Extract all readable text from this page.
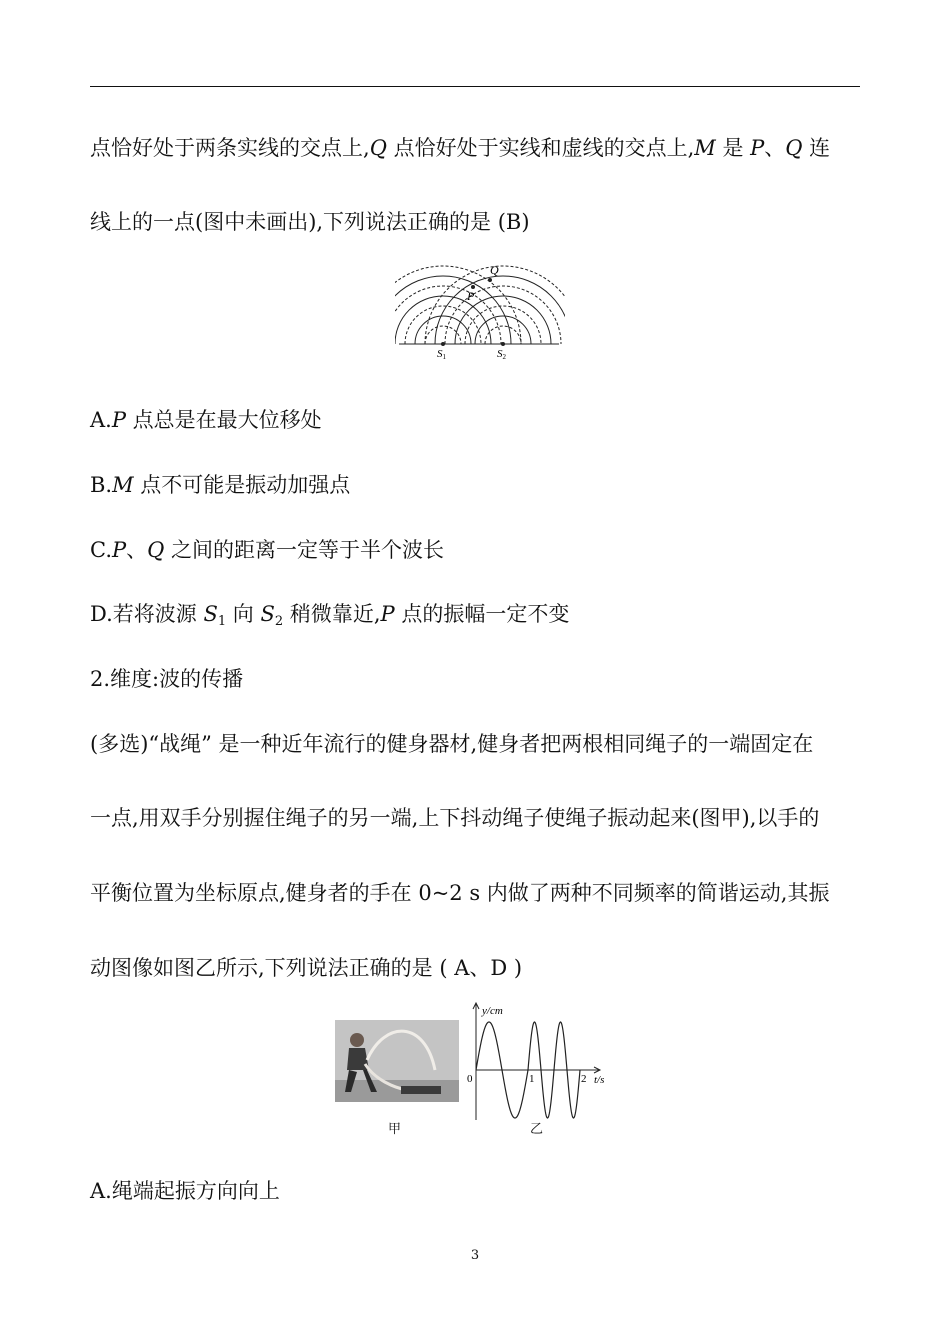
点恰好处于两条实线的交点上,Q 点恰好处于实线和虚线的交点上,M 是 P、Q 连
线上的一点(图中未画出),下列说法正确的是 (B)
Q
P
S1	S2
A.P 点总是在最大位移处
B.M 点不可能是振动加强点
C.P、Q 之间的距离一定等于半个波长
D.若将波源 $S_1$ 向 $S_2$ 稍微靠近,P 点的振幅一定不变
2.维度:波的传播
(多选)“战绳” 是一种近年流行的健身器材,健身者把两根相同绳子的一端固定在
一点,用双手分别握住绳子的另一端,上下抖动绳子使绳子振动起来(图甲),以手的
平衡位置为坐标原点,健身者的手在 0~2 s 内做了两种不同频率的简谐运动,其振
动图像如图乙所示,下列说法正确的是 ( A、D )
甲
y/cm
t/s
0	1	2
乙
A.绳端起振方向向上
3
